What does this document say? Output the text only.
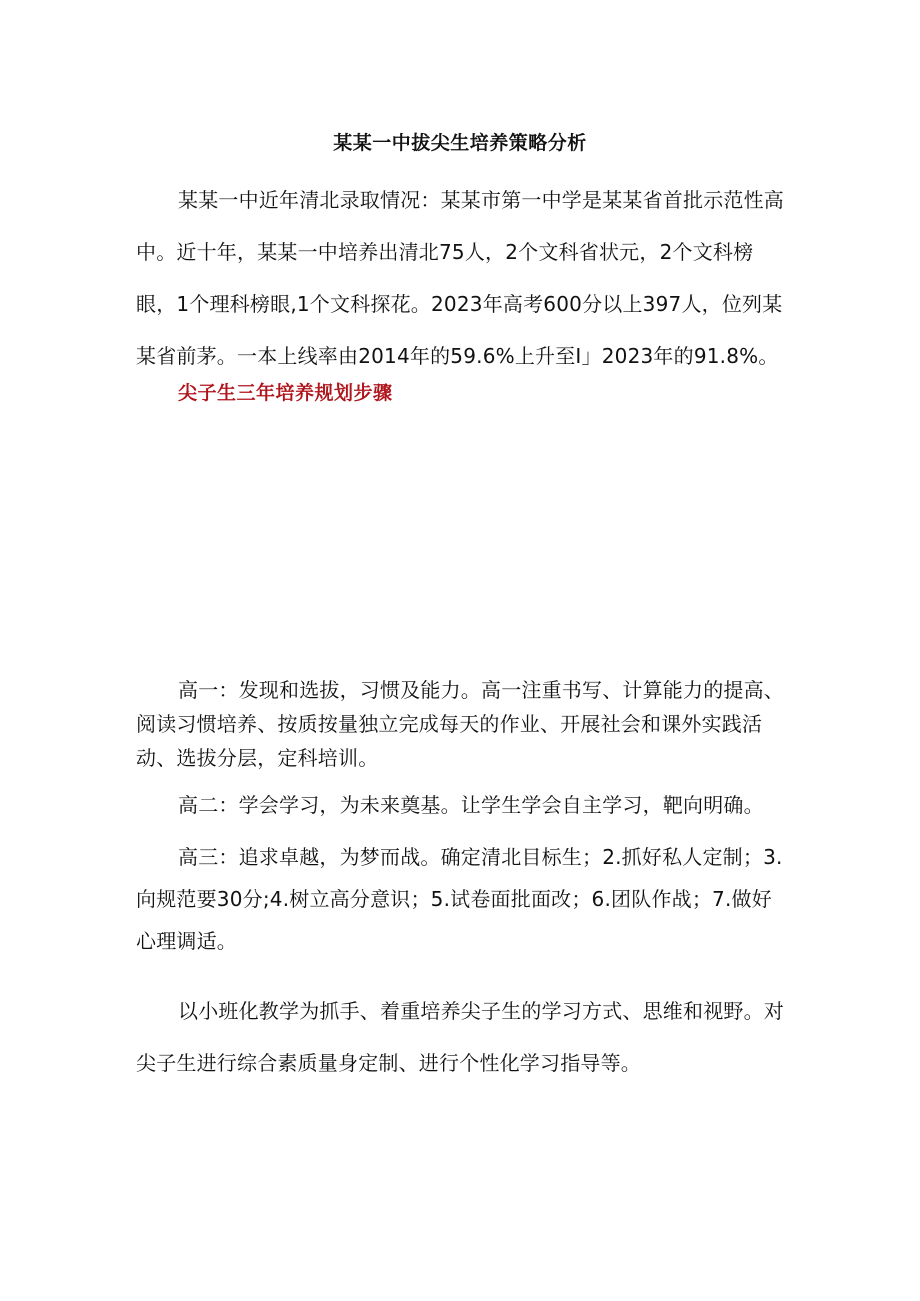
某某一中拔尖生培养策略分析

某某一中近年清北录取情况：某某市第一中学是某某省首批示范性高中。近十年，某某一中培养出清北75人，2个文科省状元，2个文科榜眼，1个理科榜眼,1个文科探花。2023年高考600分以上397人，位列某某省前茅。一本上线率由2014年的59.6%上升至I」2023年的91.8%。

尖子生三年培养规划步骤

高一：发现和选拔，习惯及能力。高一注重书写、计算能力的提高、阅读习惯培养、按质按量独立完成每天的作业、开展社会和课外实践活动、选拔分层，定科培训。

高二：学会学习，为未来奠基。让学生学会自主学习，靶向明确。

高三：追求卓越，为梦而战。确定清北目标生；2.抓好私人定制；3.向规范要30分;4.树立高分意识；5.试卷面批面改；6.团队作战；7.做好心理调适。

以小班化教学为抓手、着重培养尖子生的学习方式、思维和视野。对尖子生进行综合素质量身定制、进行个性化学习指导等。
